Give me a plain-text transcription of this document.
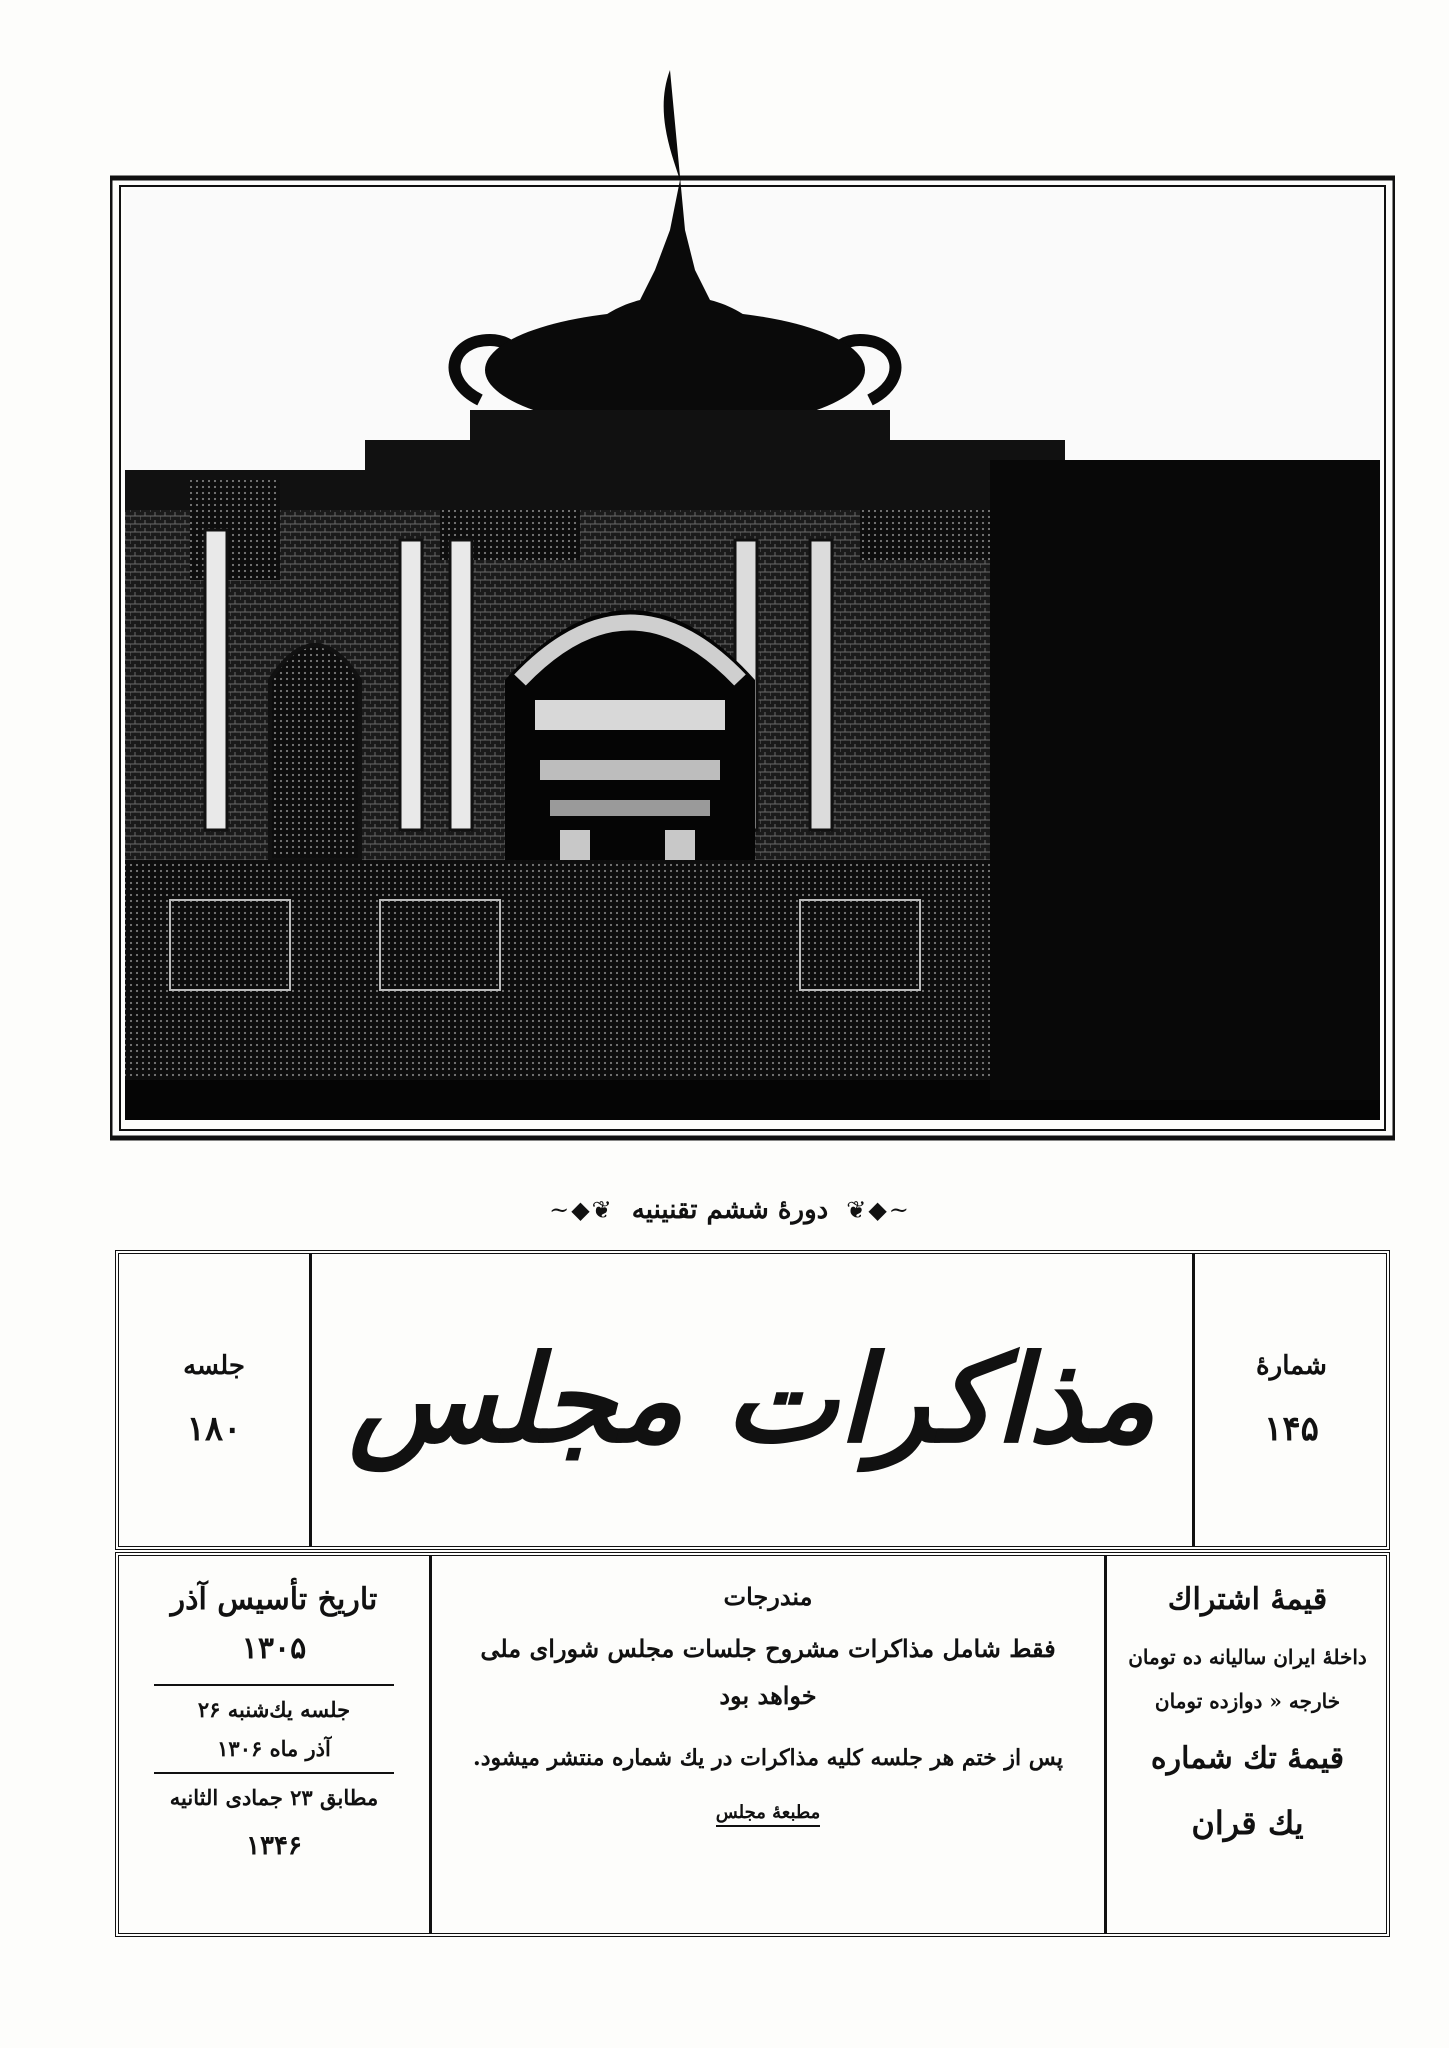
~◆❦
دورهٔ ششم تقنینیه
❦◆~
جلسه
۱۸۰ مذاکرات مجلس	شمارهٔ
۱۴۵
تاریخ تأسیس آذر
۱۳۰۵
جلسه یك‌شنبه ۲۶
آذر ماه ۱۳۰۶
مطابق ۲۳ جمادی الثانیه
۱۳۴۶
مندرجات
فقط شامل مذاکرات مشروح جلسات مجلس شورای ملی
خواهد بود
پس از ختم هر جلسه کلیه مذاکرات در یك شماره منتشر میشود.
مطبعهٔ مجلس
قیمهٔ اشتراك
داخلهٔ ایران سالیانه ده تومان
خارجه « دوازده تومان
قیمهٔ تك شماره
یك قران
